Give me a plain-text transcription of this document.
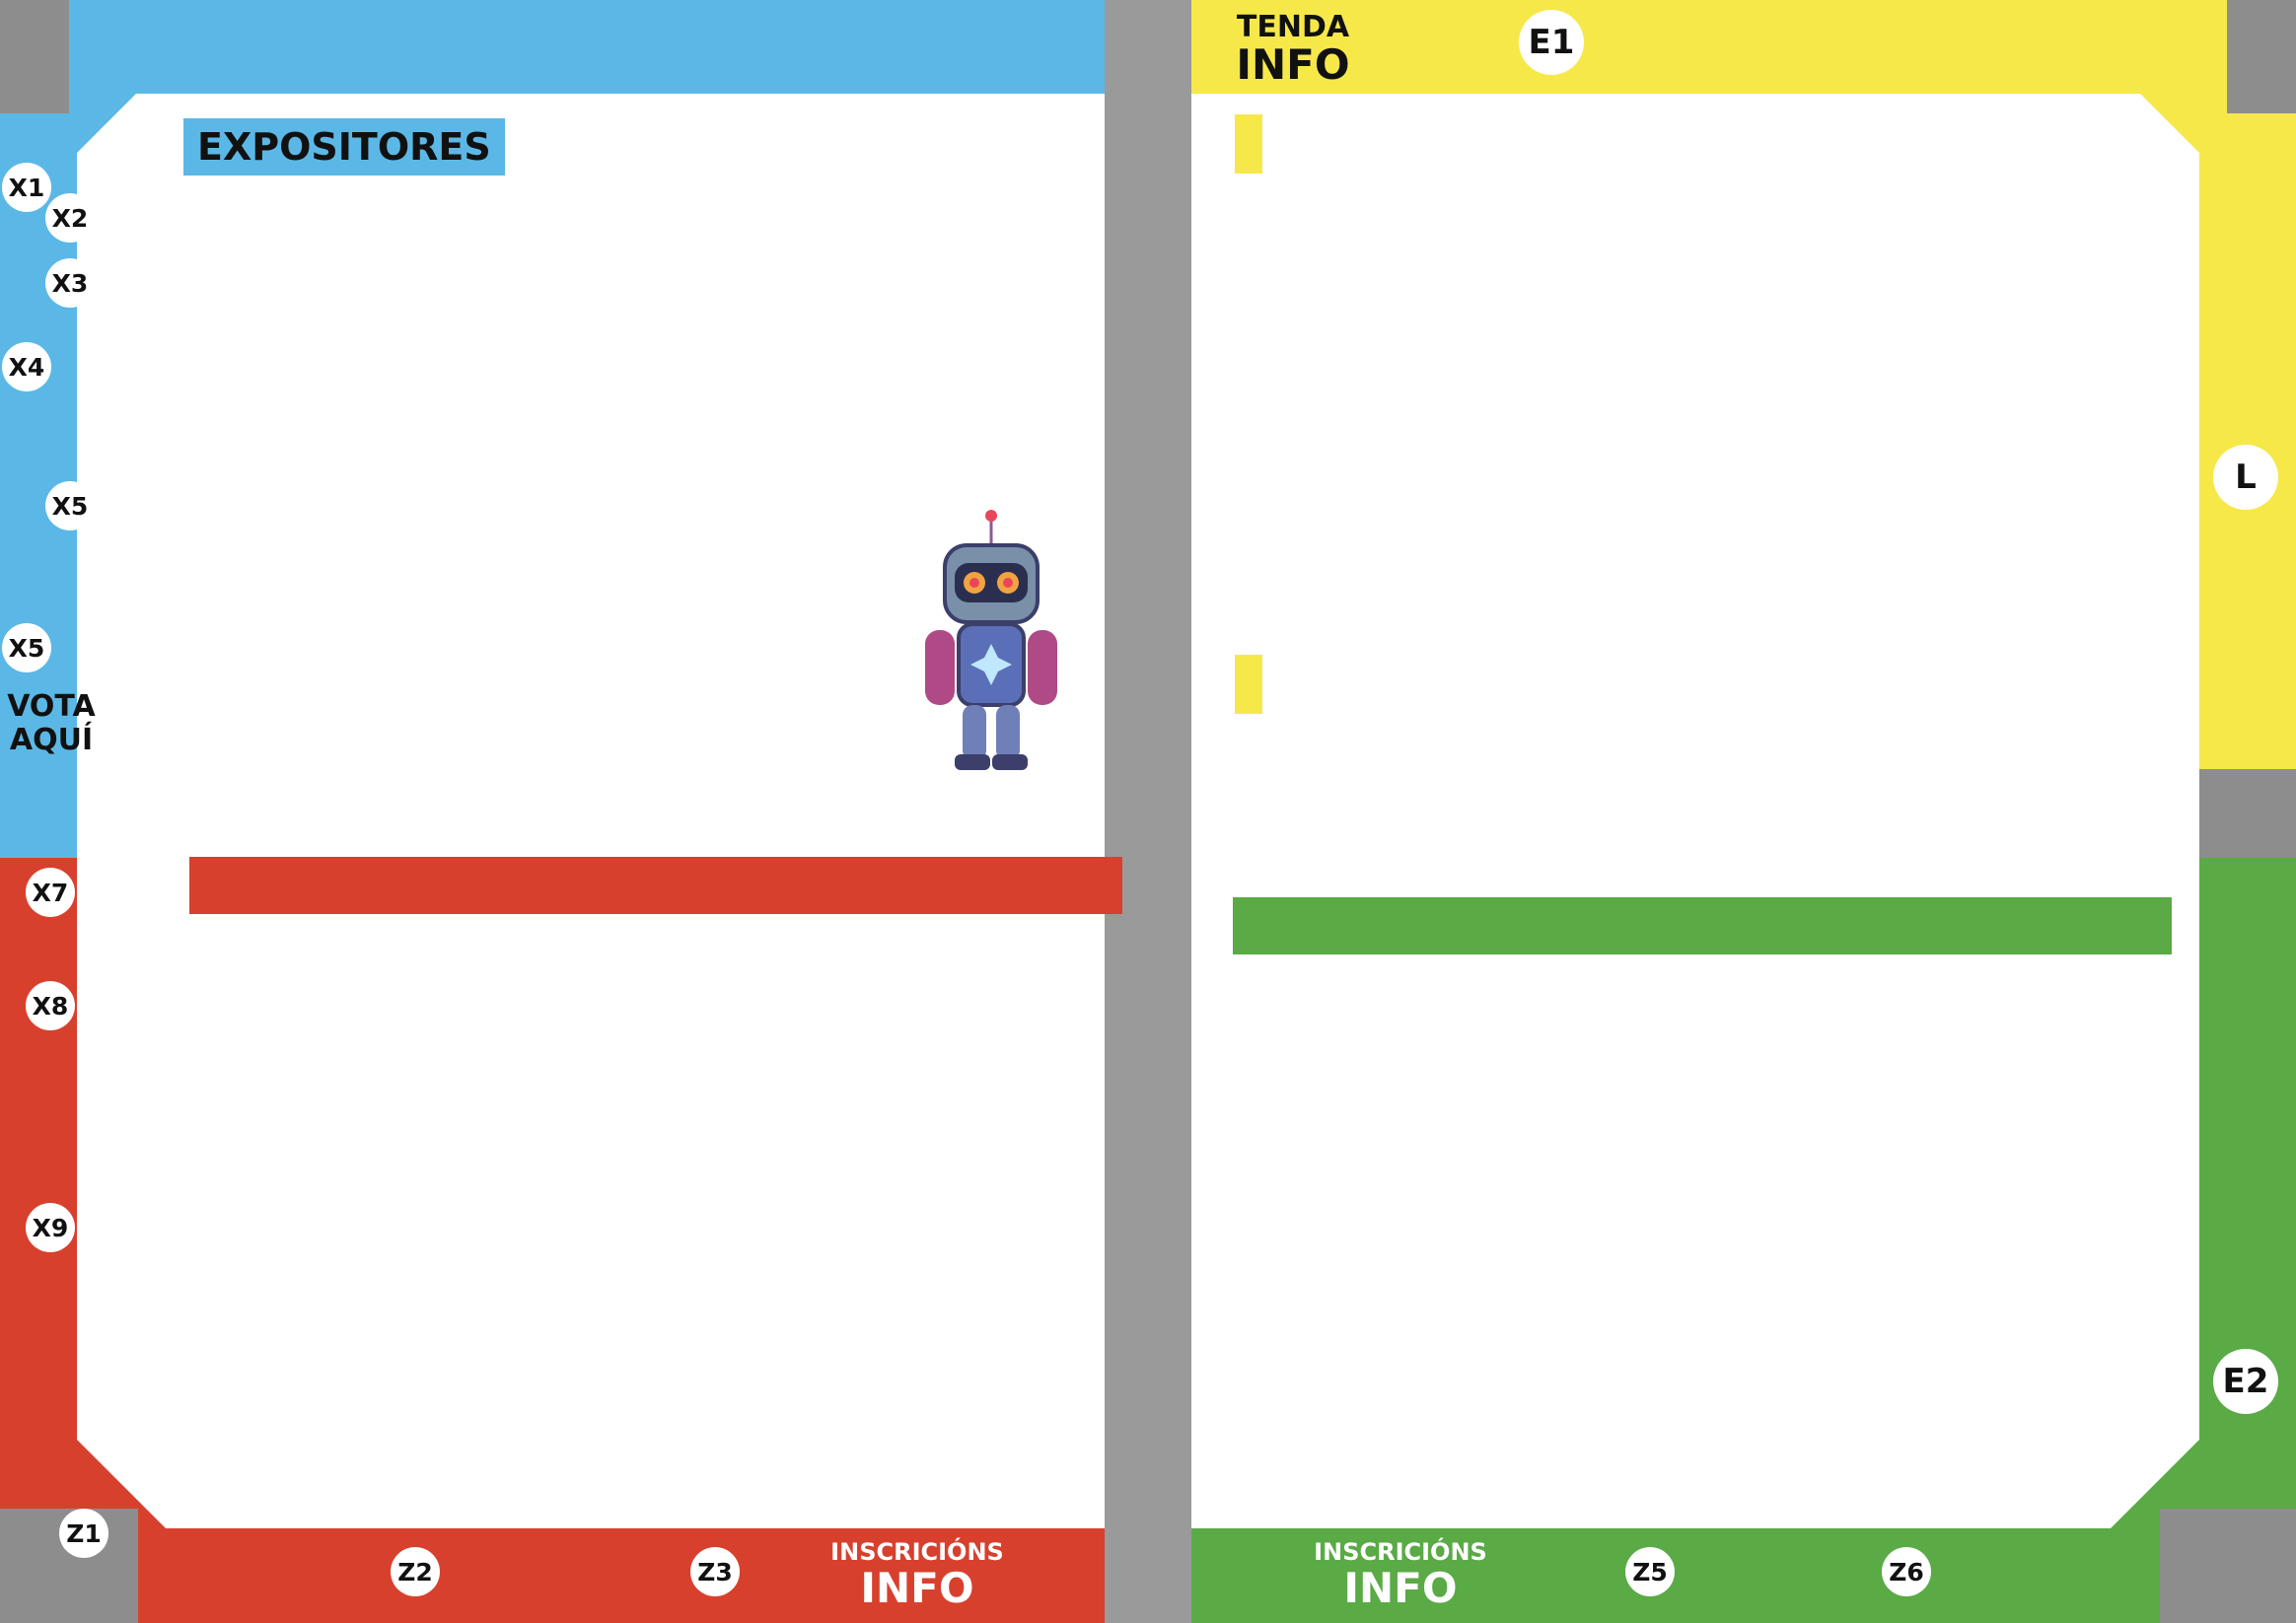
X1
X2
X3
X4
X5
X5
VOTA
AQUÍ
X7
X8
X9
Z1
Z2	Z3	Z5	Z6
L
E2
TENDA
INFO	E1
INSCRICIÓNS
INFO
INSCRICIÓNS
INFO
EXPOSITORES
